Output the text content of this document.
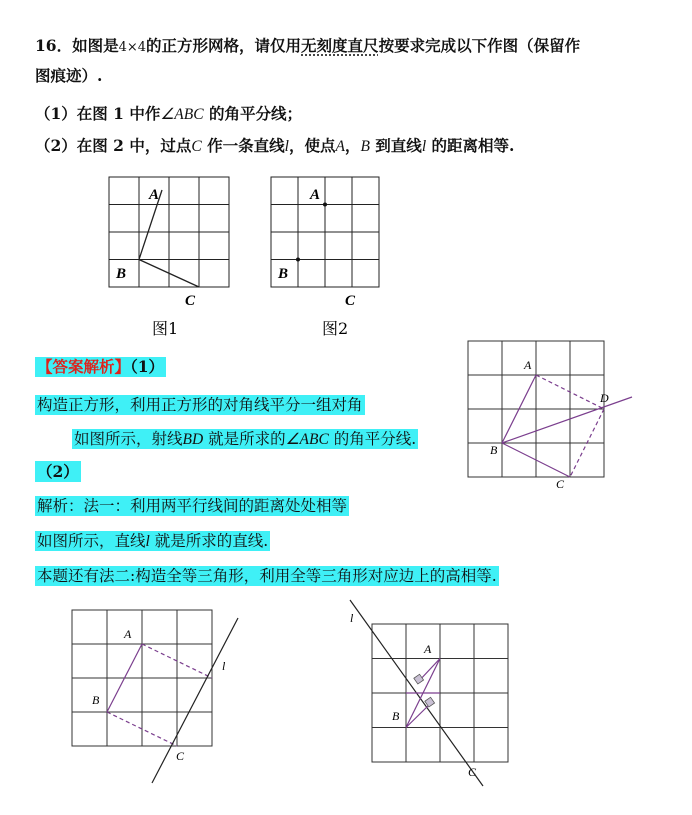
16．如图是4×4的正方形网格，请仅用无刻度直尺按要求完成以下作图（保留作
图痕迹）.
（1）在图 1 中作∠ABC 的角平分线；
（2）在图 2 中，过点C 作一条直线l，使点A，B 到直线l 的距离相等.
A
B
C
图1
A
B
C
图2
【答案解析】（1）
构造正方形，利用正方形的对角线平分一组对角
如图所示，射线BD 就是所求的∠ABC 的角平分线.
（2）
解析：法一：利用两平行线间的距离处处相等
如图所示，直线l 就是所求的直线.
本题还有法二:构造全等三角形，利用全等三角形对应边上的高相等.
A
B
C
D
A
B
C
l
A
B
C
l
